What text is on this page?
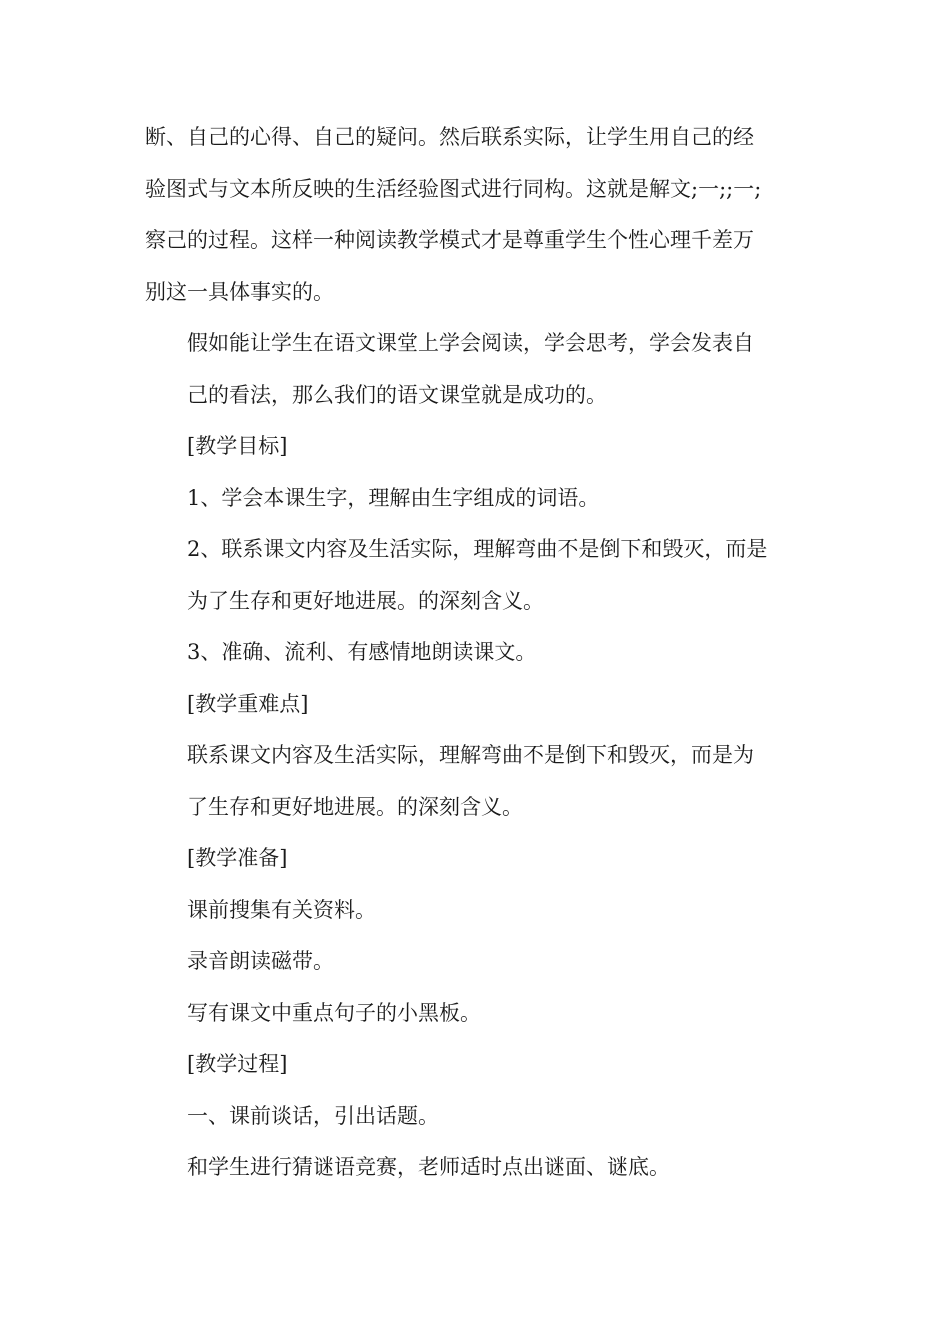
断、自己的心得、自己的疑问。然后联系实际，让学生用自己的经
验图式与文本所反映的生活经验图式进行同构。这就是解文;一;;一;
察己的过程。这样一种阅读教学模式才是尊重学生个性心理千差万
别这一具体事实的。

假如能让学生在语文课堂上学会阅读，学会思考，学会发表自
己的看法，那么我们的语文课堂就是成功的。

[教学目标]

1、学会本课生字，理解由生字组成的词语。

2、联系课文内容及生活实际，理解弯曲不是倒下和毁灭，而是
为了生存和更好地进展。的深刻含义。

3、准确、流利、有感情地朗读课文。

[教学重难点]

联系课文内容及生活实际，理解弯曲不是倒下和毁灭，而是为
了生存和更好地进展。的深刻含义。

[教学准备]

课前搜集有关资料。

录音朗读磁带。

写有课文中重点句子的小黑板。

[教学过程]

一、课前谈话，引出话题。

和学生进行猜谜语竞赛，老师适时点出谜面、谜底。
